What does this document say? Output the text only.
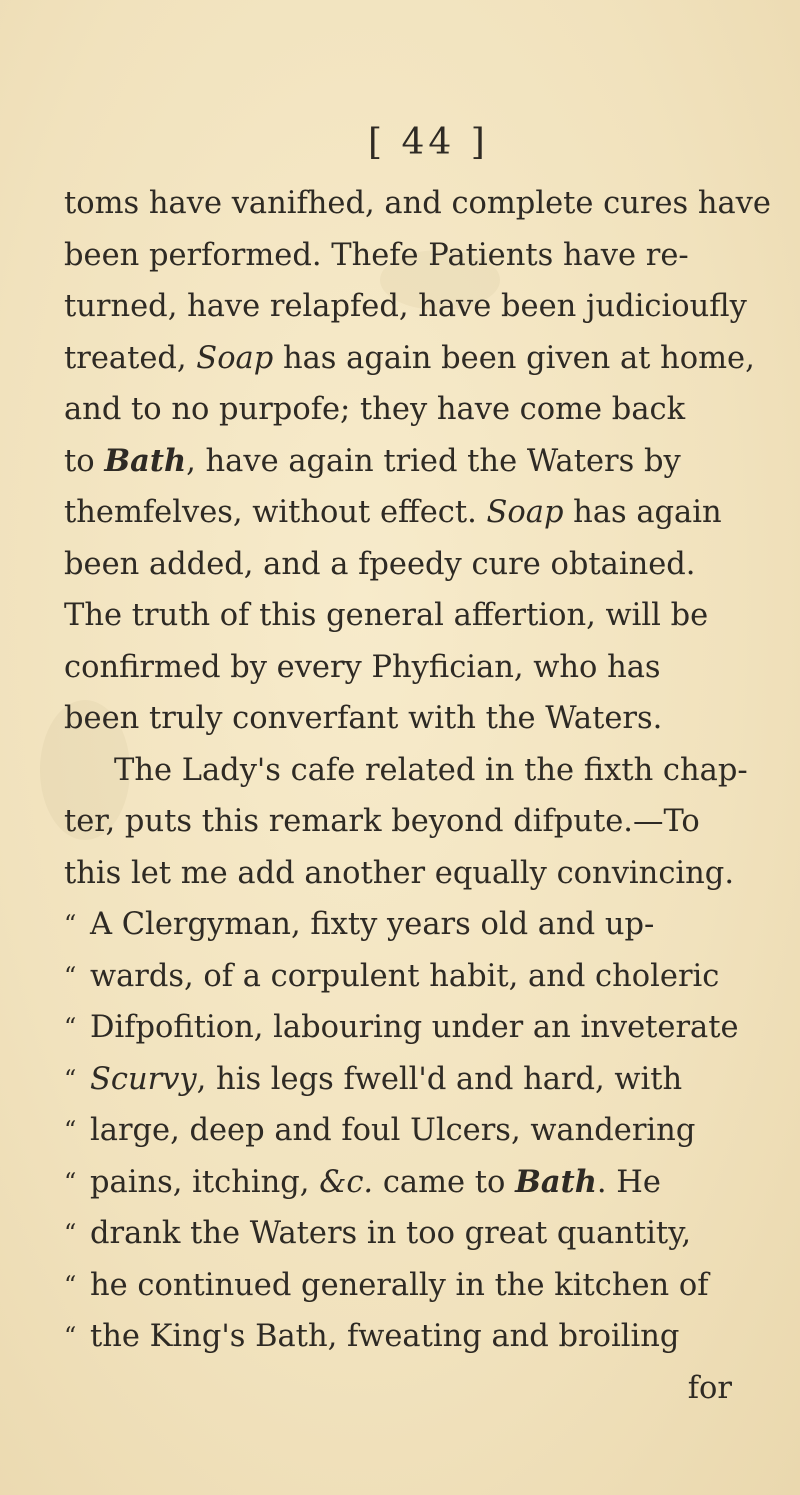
[ 44 ]
toms have vanifhed, and complete cures have
been performed. Thefe Patients have re-
turned, have relapfed, have been judicioufly
treated, Soap has again been given at home,
and to no purpofe; they have come back
to Bath , have again tried the Waters by
themfelves, without effect. Soap has again
been added, and a fpeedy cure obtained.
The truth of this general affertion, will be
confirmed by every Phyfician, who has
been truly converfant with the Waters.
The Lady's cafe related in the fixth chap-
ter, puts this remark beyond difpute.—To
this let me add another equally convincing.
“ A Clergyman, fixty years old and up-
“ wards, of a corpulent habit, and choleric
“ Difpofition, labouring under an inveterate
“ Scurvy , his legs fwell'd and hard, with
“ large, deep and foul Ulcers, wandering
“ pains, itching, &c. came to Bath . He
“ drank the Waters in too great quantity,
“ he continued generally in the kitchen of
“ the King's Bath, fweating and broiling
for
